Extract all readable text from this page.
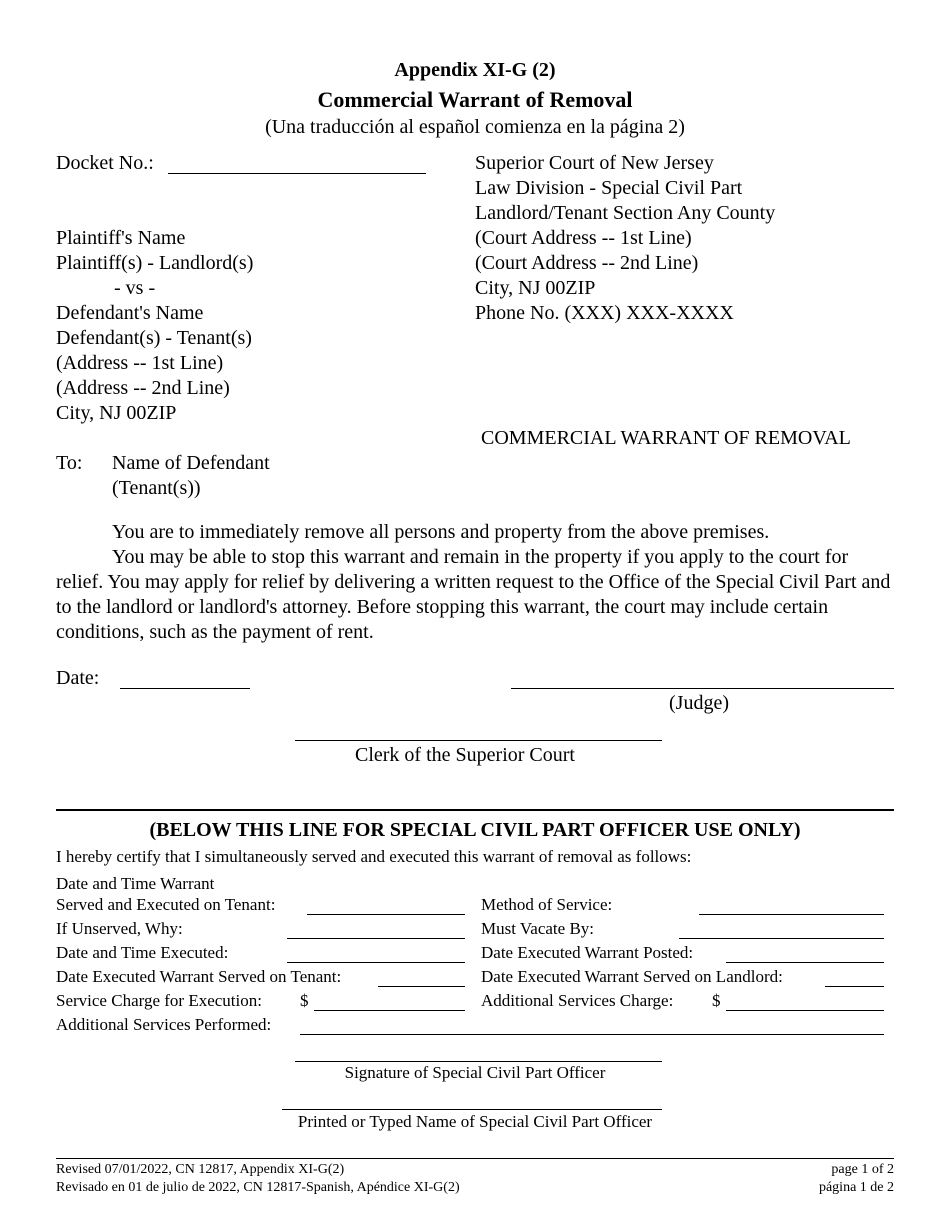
Appendix XI-G (2)
Commercial Warrant of Removal
(Una traducción al español comienza en la página 2)
Docket No.:	Superior Court of New Jersey
Law Division - Special Civil Part
Landlord/Tenant Section Any County
(Court Address -- 1st Line)
(Court Address -- 2nd Line)
City, NJ 00ZIP
Phone No. (XXX) XXX-XXXX
Plaintiff's Name
Plaintiff(s) - Landlord(s)
- vs -
Defendant's Name
Defendant(s) - Tenant(s)
(Address -- 1st Line)
(Address -- 2nd Line)
City, NJ 00ZIP
COMMERCIAL WARRANT OF REMOVAL
To: Name of Defendant
(Tenant(s))

You are to immediately remove all persons and property from the above premises.

You may be able to stop this warrant and remain in the property if you apply to the court for relief. You may apply for relief by delivering a written request to the Office of the Special Civil Part and to the landlord or landlord's attorney. Before stopping this warrant, the court may include certain conditions, such as the payment of rent.

Date:
(Judge)
Clerk of the Superior Court
(BELOW THIS LINE FOR SPECIAL CIVIL PART OFFICER USE ONLY)
I hereby certify that I simultaneously served and executed this warrant of removal as follows:
Date and Time Warrant
Served and Executed on Tenant:	Method of Service:
If Unserved, Why:	Must Vacate By:
Date and Time Executed:	Date Executed Warrant Posted:
Date Executed Warrant Served on Tenant:	Date Executed Warrant Served on Landlord:
Service Charge for Execution: $	Additional Services Charge: $
Additional Services Performed:
Signature of Special Civil Part Officer
Printed or Typed Name of Special Civil Part Officer
Revised 07/01/2022, CN 12817, Appendix XI-G(2)
Revisado en 01 de julio de 2022, CN 12817-Spanish, Apéndice XI-G(2)
page 1 of 2
página 1 de 2
